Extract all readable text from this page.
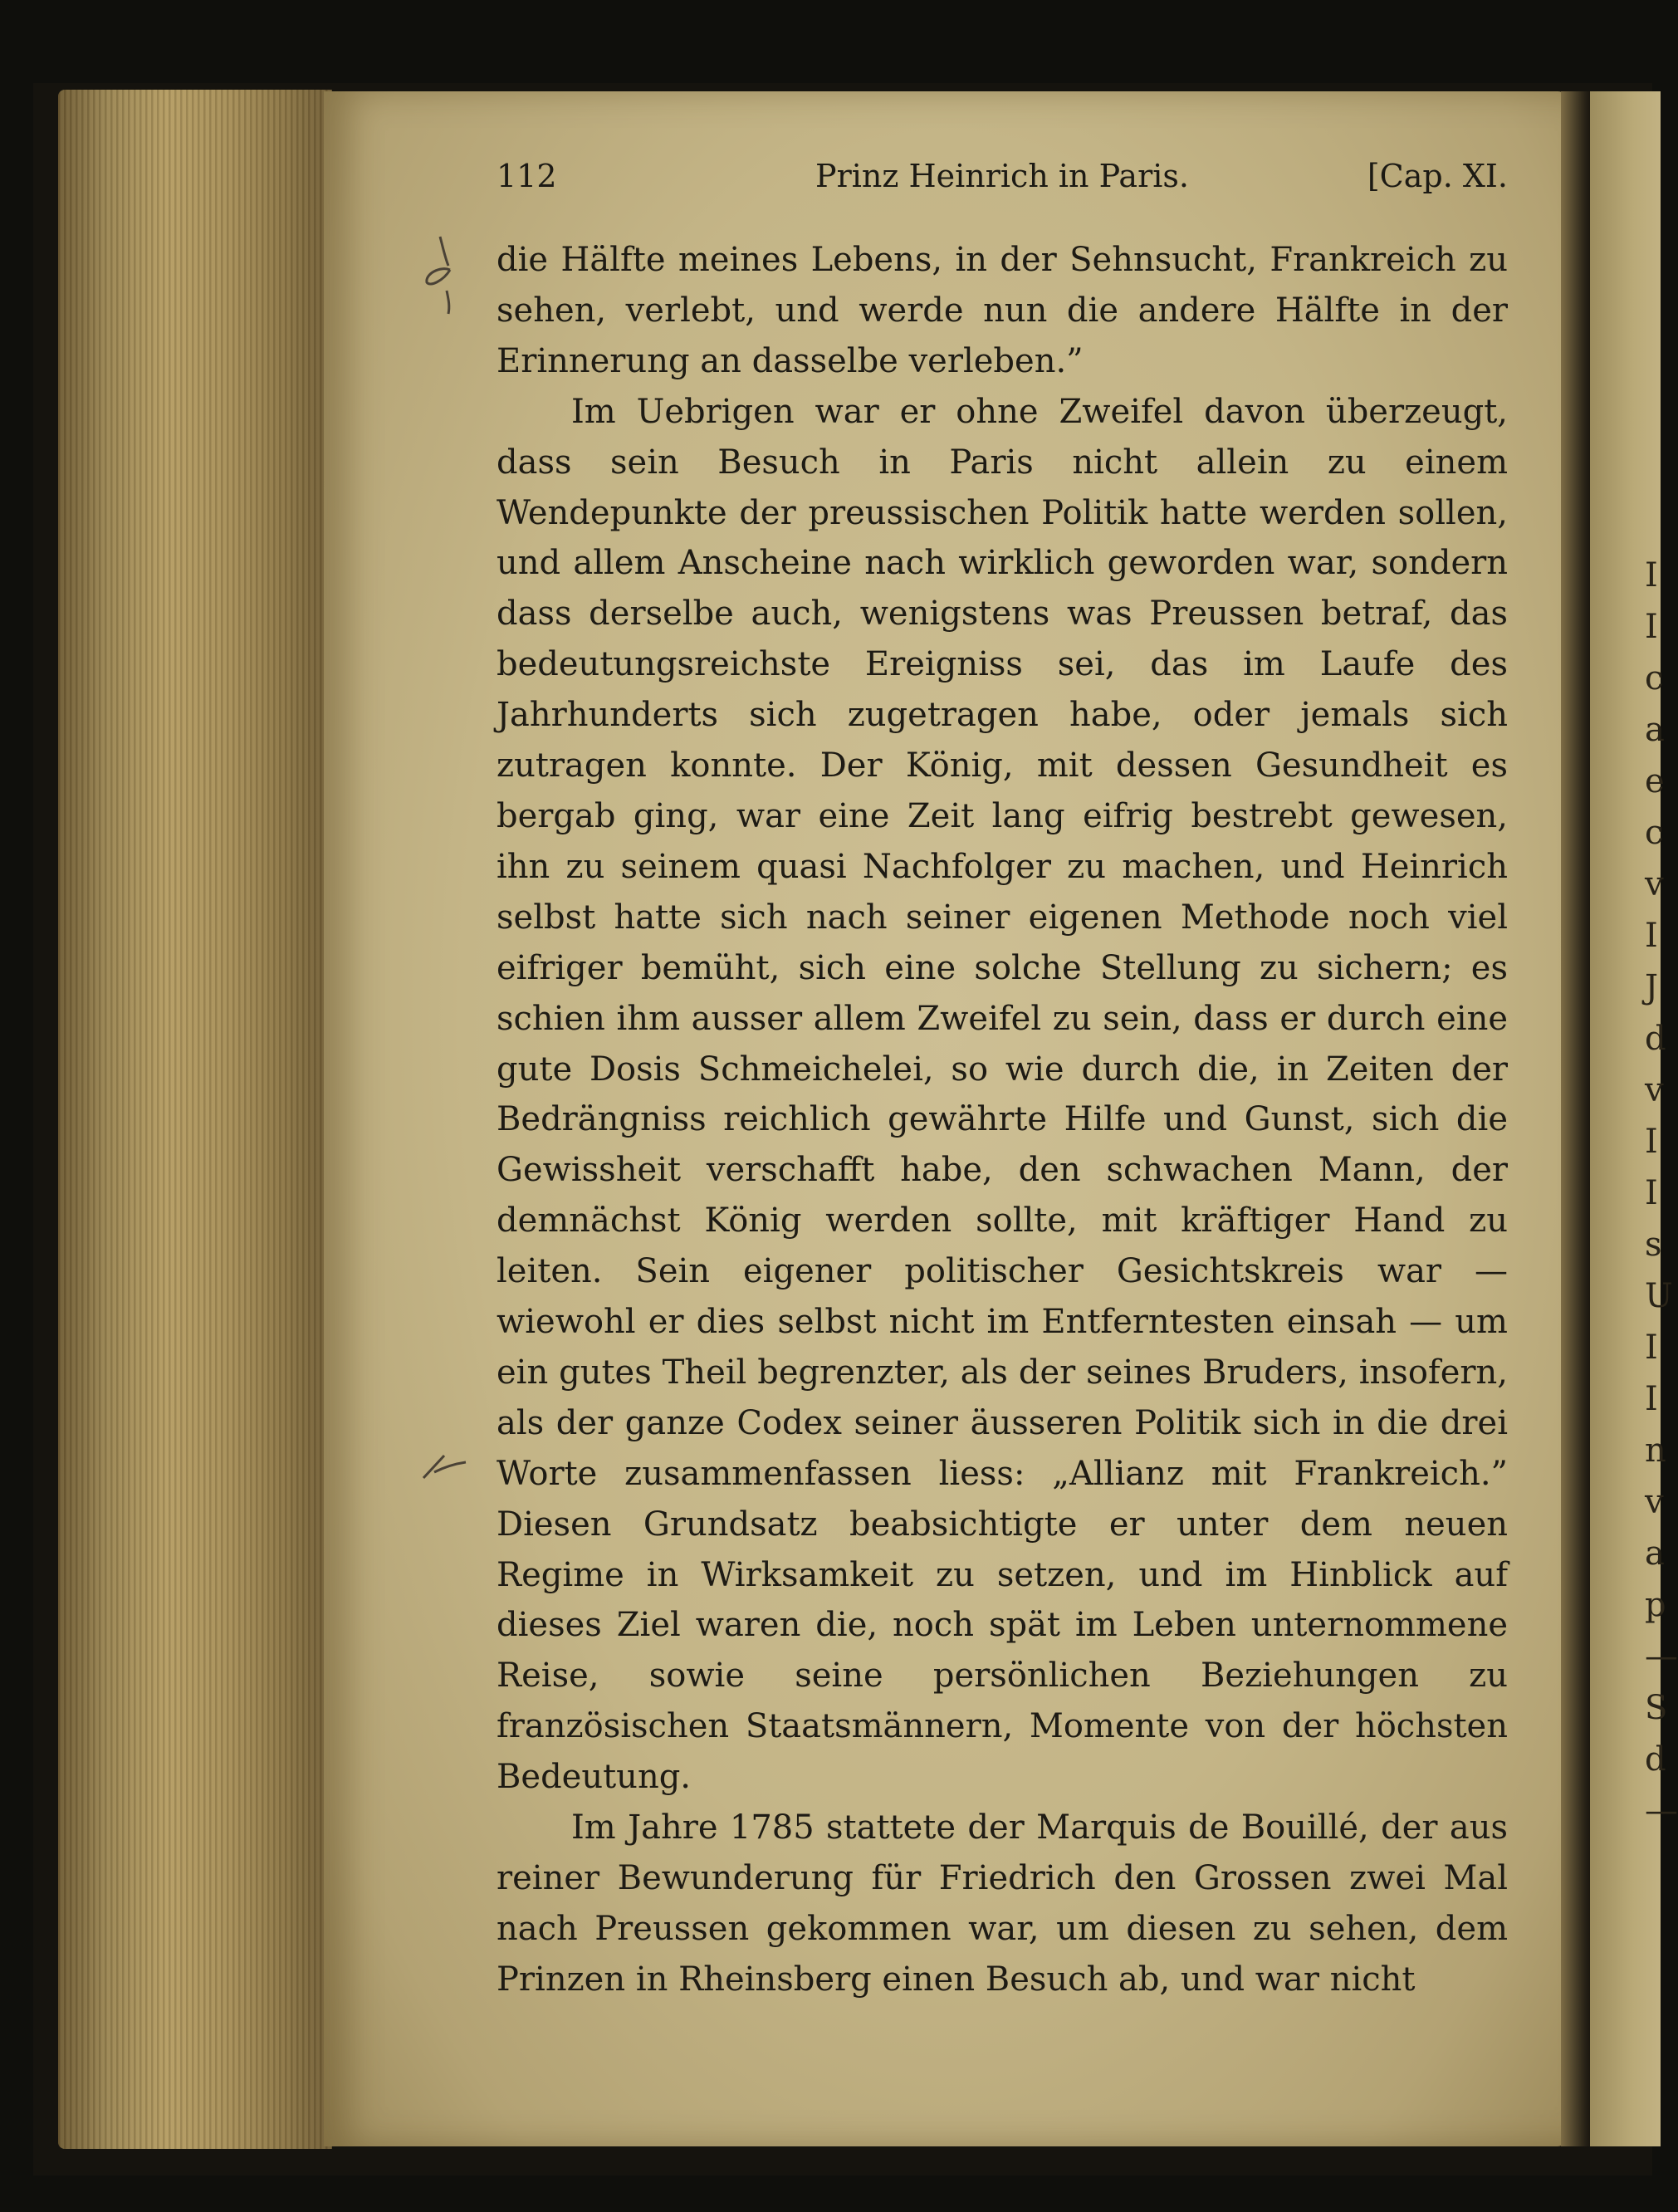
I
I
c
a
e
c
v
I
J
d
v
I
I
s
U
I
I
n
v
a
p
—
S
d
—
112	Prinz Heinrich in Paris.	[Cap. XI.

die Hälfte meines Lebens, in der Sehnsucht, Frankreich zu sehen, verlebt, und werde nun die andere Hälfte in der Erinnerung an dasselbe verleben.”

Im Uebrigen war er ohne Zweifel davon überzeugt, dass sein Besuch in Paris nicht allein zu einem Wendepunkte der preussischen Politik hatte werden sollen, und allem Anscheine nach wirklich geworden war, sondern dass derselbe auch, wenigstens was Preussen betraf, das bedeutungsreichste Ereigniss sei, das im Laufe des Jahrhunderts sich zugetragen habe, oder jemals sich zutragen konnte. Der König, mit dessen Gesundheit es bergab ging, war eine Zeit lang eifrig bestrebt gewesen, ihn zu seinem quasi Nachfolger zu machen, und Heinrich selbst hatte sich nach seiner eigenen Methode noch viel eifriger bemüht, sich eine solche Stellung zu sichern; es schien ihm ausser allem Zweifel zu sein, dass er durch eine gute Dosis Schmeichelei, so wie durch die, in Zeiten der Bedrängniss reichlich gewährte Hilfe und Gunst, sich die Gewissheit verschafft habe, den schwachen Mann, der demnächst König werden sollte, mit kräftiger Hand zu leiten. Sein eigener politischer Gesichtskreis war — wiewohl er dies selbst nicht im Entferntesten einsah — um ein gutes Theil begrenzter, als der seines Bruders, insofern, als der ganze Codex seiner äusseren Politik sich in die drei Worte zusammenfassen liess: „Allianz mit Frankreich.” Diesen Grundsatz beabsichtigte er unter dem neuen Regime in Wirksamkeit zu setzen, und im Hinblick auf dieses Ziel waren die, noch spät im Leben unternommene Reise, sowie seine persönlichen Beziehungen zu französischen Staatsmännern, Momente von der höchsten Bedeutung.

Im Jahre 1785 stattete der Marquis de Bouillé, der aus reiner Bewunderung für Friedrich den Grossen zwei Mal nach Preussen gekommen war, um diesen zu sehen, dem Prinzen in Rheinsberg einen Besuch ab, und war nicht
